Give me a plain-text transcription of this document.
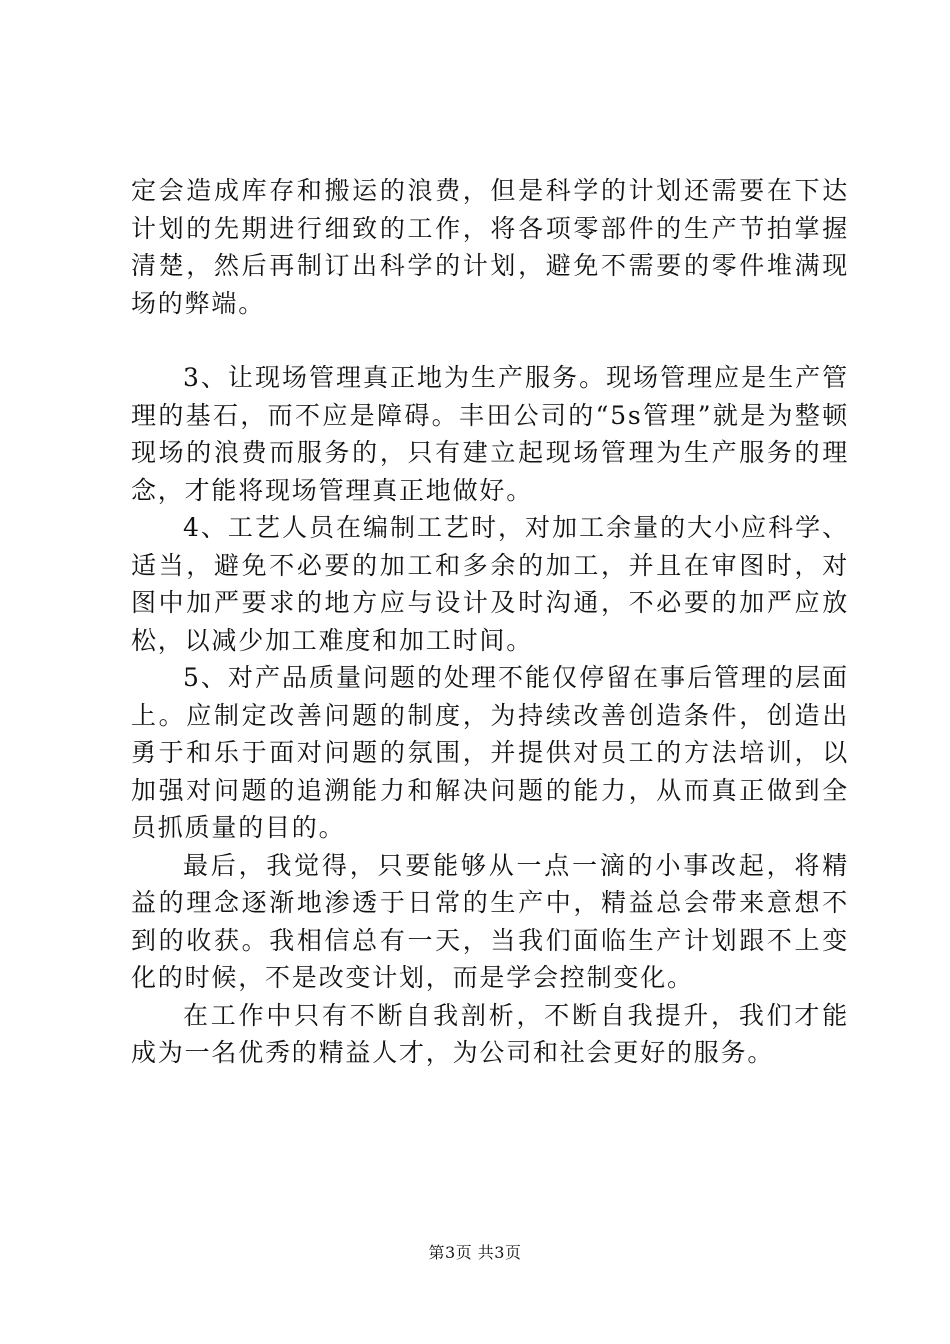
定会造成库存和搬运的浪费，但是科学的计划还需要在下达计划的先期进行细致的工作，将各项零部件的生产节拍掌握清楚，然后再制订出科学的计划，避免不需要的零件堆满现场的弊端。

3、让现场管理真正地为生产服务。现场管理应是生产管理的基石，而不应是障碍。丰田公司的“5s管理”就是为整顿现场的浪费而服务的，只有建立起现场管理为生产服务的理念，才能将现场管理真正地做好。

4、工艺人员在编制工艺时，对加工余量的大小应科学、适当，避免不必要的加工和多余的加工，并且在审图时，对图中加严要求的地方应与设计及时沟通，不必要的加严应放松，以减少加工难度和加工时间。

5、对产品质量问题的处理不能仅停留在事后管理的层面上。应制定改善问题的制度，为持续改善创造条件，创造出勇于和乐于面对问题的氛围，并提供对员工的方法培训，以加强对问题的追溯能力和解决问题的能力，从而真正做到全员抓质量的目的。

最后，我觉得，只要能够从一点一滴的小事改起，将精益的理念逐渐地渗透于日常的生产中，精益总会带来意想不到的收获。我相信总有一天，当我们面临生产计划跟不上变化的时候，不是改变计划，而是学会控制变化。

在工作中只有不断自我剖析，不断自我提升，我们才能成为一名优秀的精益人才，为公司和社会更好的服务。

第3页 共3页
